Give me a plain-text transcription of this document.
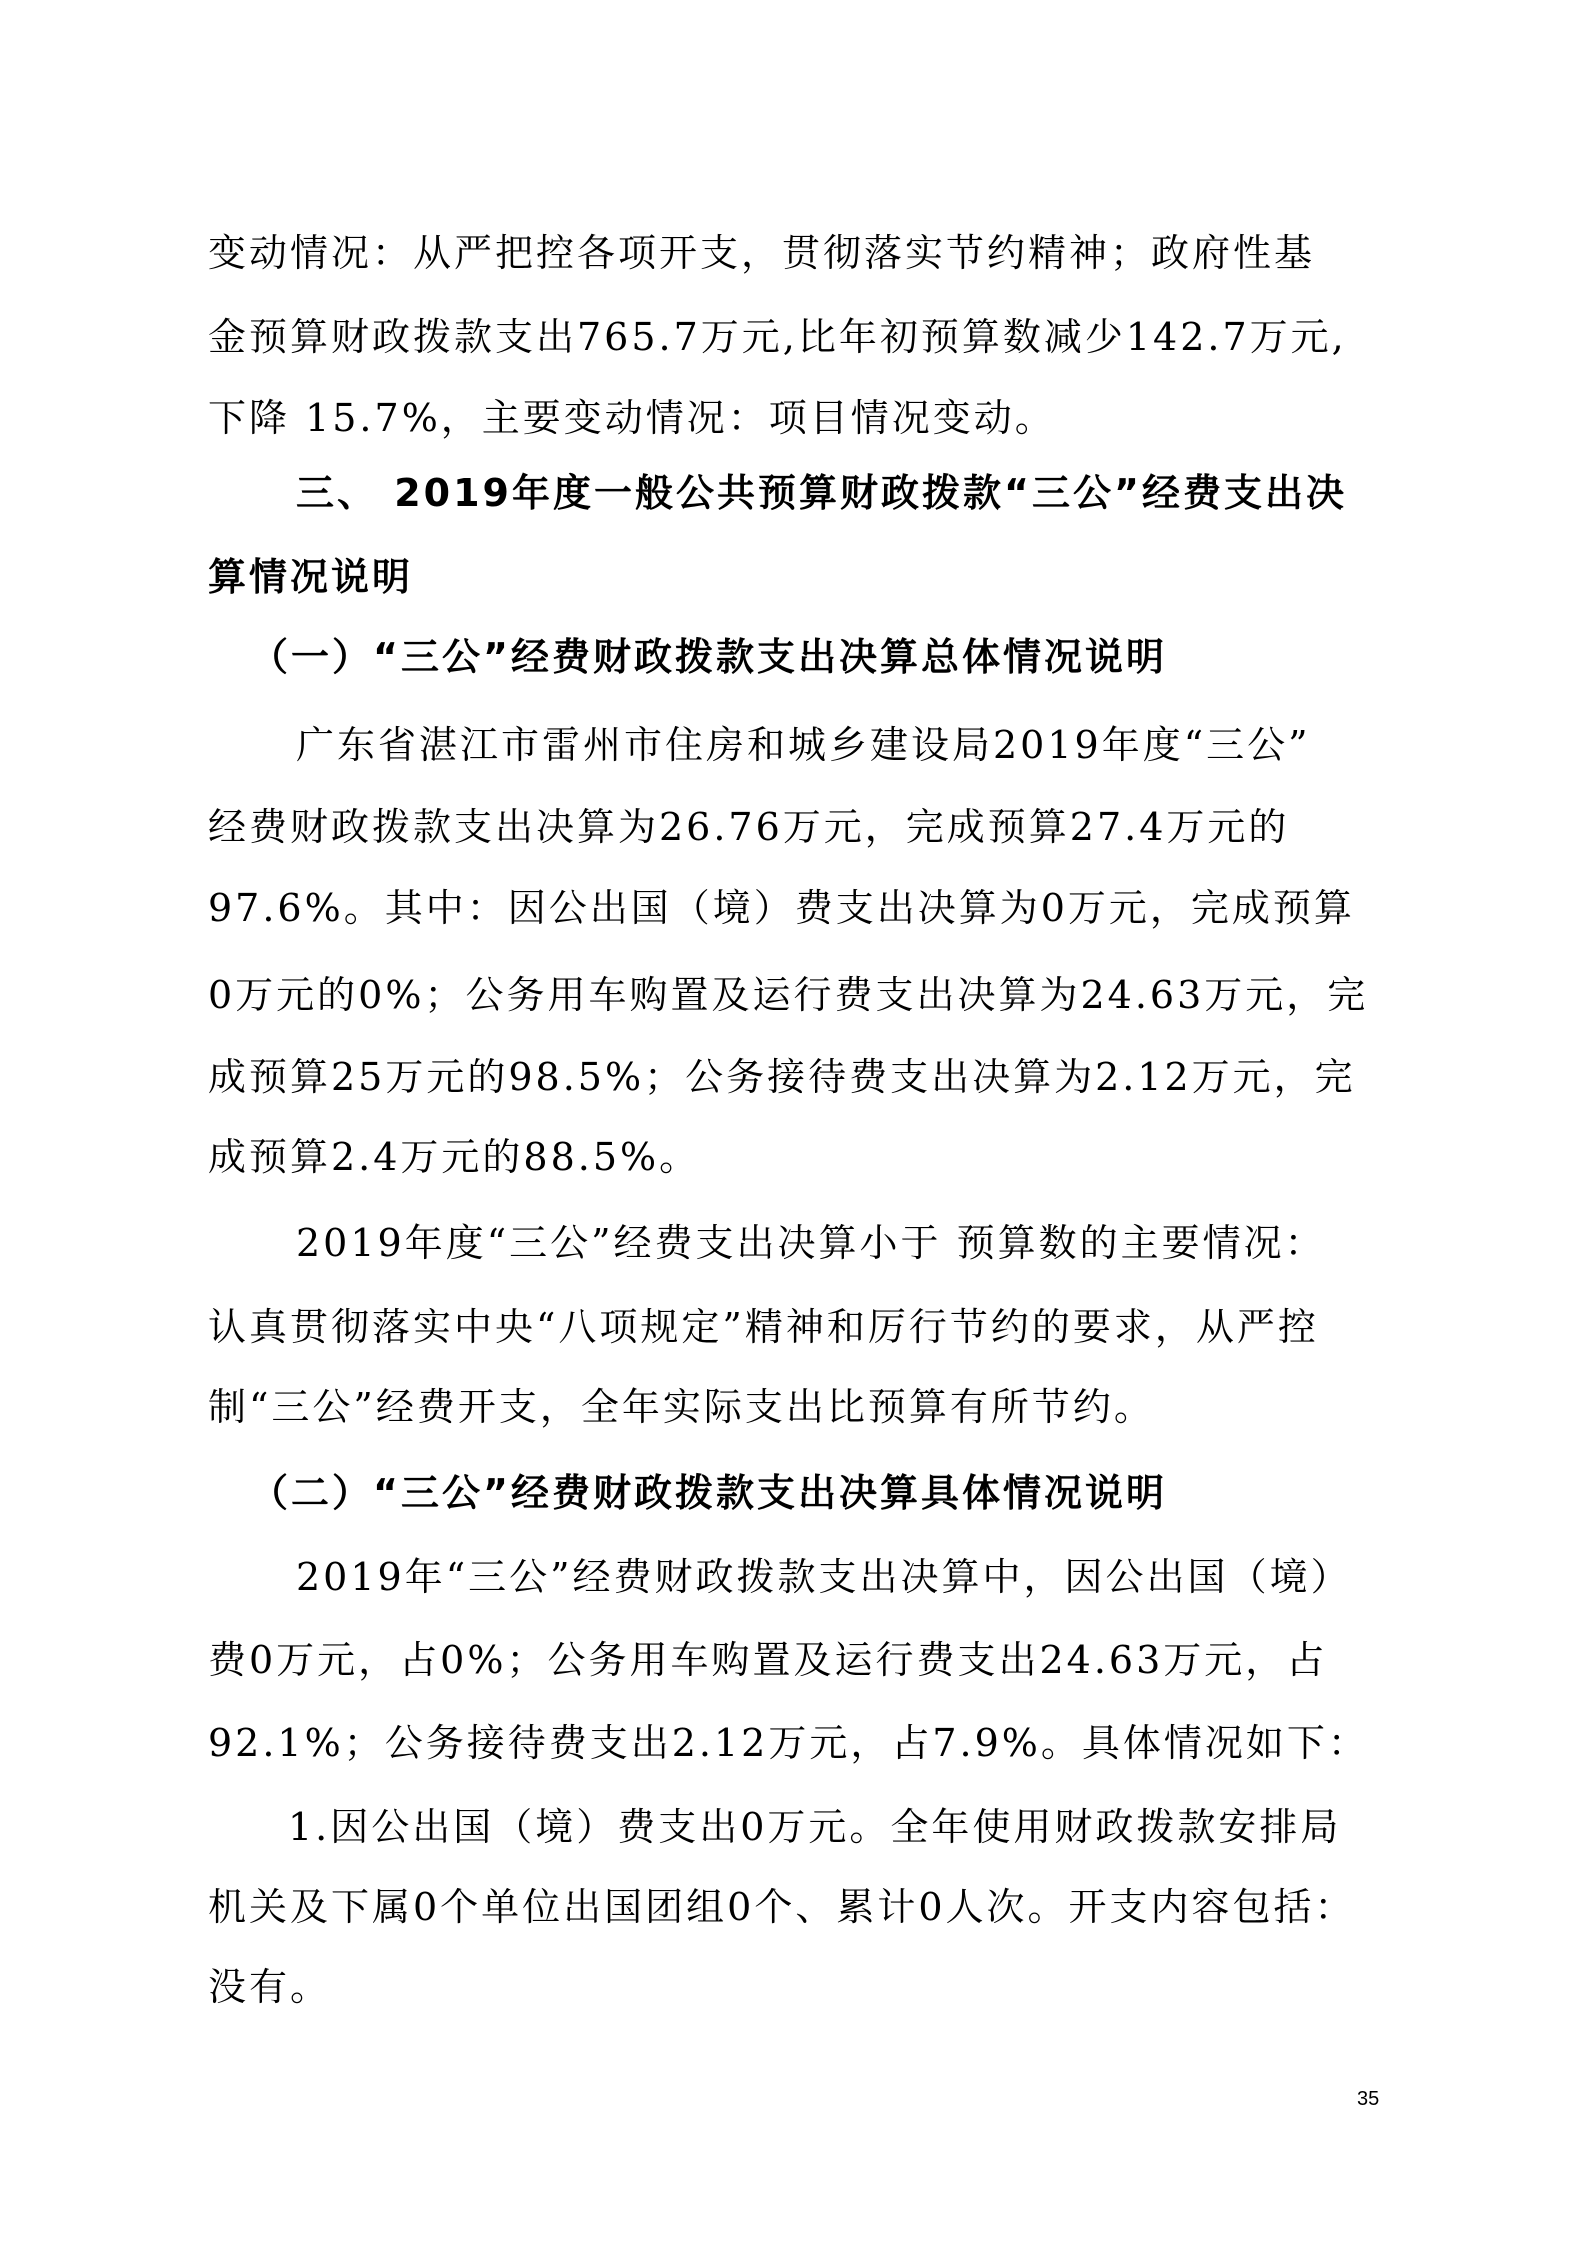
变动情况：从严把控各项开支，贯彻落实节约精神；政府性基
金预算财政拨款支出765.7万元,比年初预算数减少142.7万元,
下降 15.7%，主要变动情况：项目情况变动。
三、 2019年度一般公共预算财政拨款“三公”经费支出决
算情况说明
（一）“三公”经费财政拨款支出决算总体情况说明
广东省湛江市雷州市住房和城乡建设局2019年度“三公”
经费财政拨款支出决算为26.76万元，完成预算27.4万元的
97.6%。其中：因公出国（境）费支出决算为0万元，完成预算
0万元的0%；公务用车购置及运行费支出决算为24.63万元，完
成预算25万元的98.5%；公务接待费支出决算为2.12万元，完
成预算2.4万元的88.5%。
2019年度“三公”经费支出决算小于 预算数的主要情况：
认真贯彻落实中央“八项规定”精神和厉行节约的要求，从严控
制“三公”经费开支，全年实际支出比预算有所节约。
（二）“三公”经费财政拨款支出决算具体情况说明
2019年“三公”经费财政拨款支出决算中，因公出国（境）
费0万元，占0%；公务用车购置及运行费支出24.63万元，占
92.1%；公务接待费支出2.12万元，占7.9%。具体情况如下：
1.因公出国（境）费支出0万元。全年使用财政拨款安排局
机关及下属0个单位出国团组0个、累计0人次。开支内容包括：
没有。
35
